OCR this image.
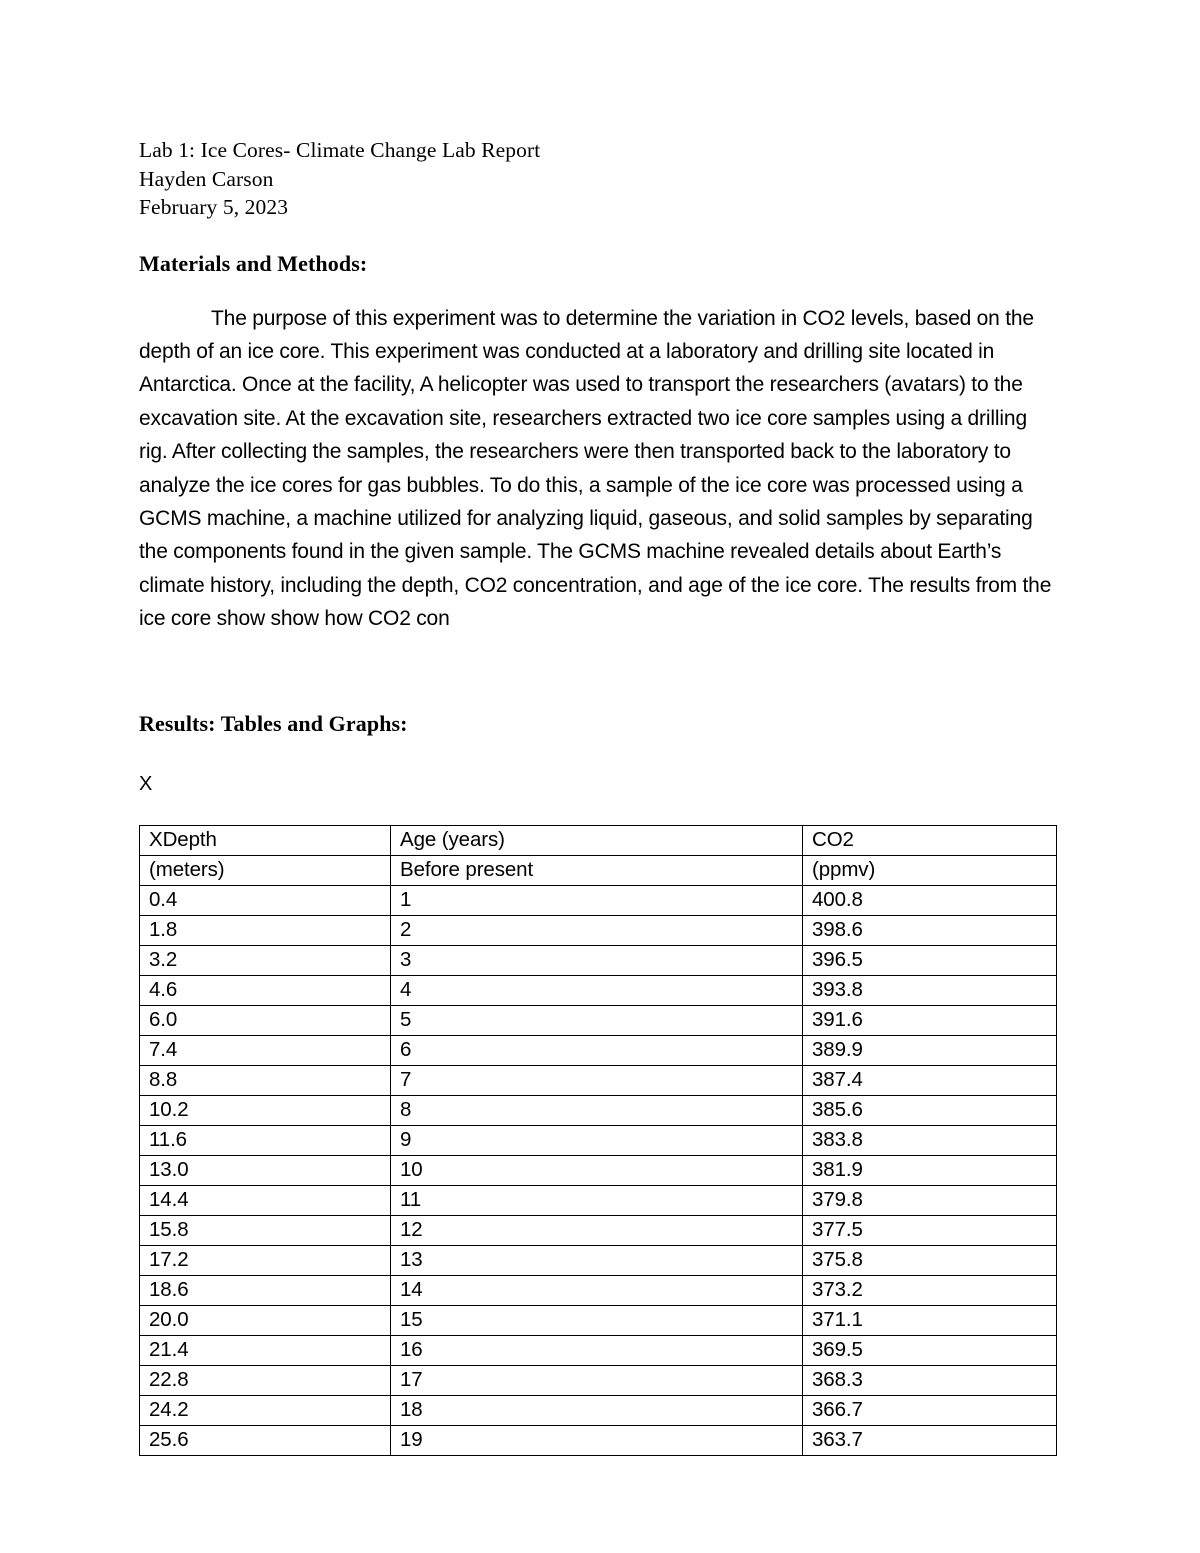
Lab 1: Ice Cores- Climate Change Lab Report
Hayden Carson
February 5, 2023
Materials and Methods:

The purpose of this experiment was to determine the variation in CO2 levels, based on the depth of an ice core. This experiment was conducted at a laboratory and drilling site located in Antarctica. Once at the facility, A helicopter was used to transport the researchers (avatars) to the excavation site. At the excavation site, researchers extracted two ice core samples using a drilling rig. After collecting the samples, the researchers were then transported back to the laboratory to analyze the ice cores for gas bubbles. To do this, a sample of the ice core was processed using a GCMS machine, a machine utilized for analyzing liquid, gaseous, and solid samples by separating the components found in the given sample. The GCMS machine revealed details about Earth’s climate history, including the depth, CO2 concentration, and age of the ice core. The results from the ice core show show how CO2 con

Results: Tables and Graphs:
X
XDepth	Age (years)	CO2
(meters)	Before present	(ppmv)
0.4	1	400.8
1.8	2	398.6
3.2	3	396.5
4.6	4	393.8
6.0	5	391.6
7.4	6	389.9
8.8	7	387.4
10.2	8	385.6
11.6	9	383.8
13.0	10	381.9
14.4	11	379.8
15.8	12	377.5
17.2	13	375.8
18.6	14	373.2
20.0	15	371.1
21.4	16	369.5
22.8	17	368.3
24.2	18	366.7
25.6	19	363.7
